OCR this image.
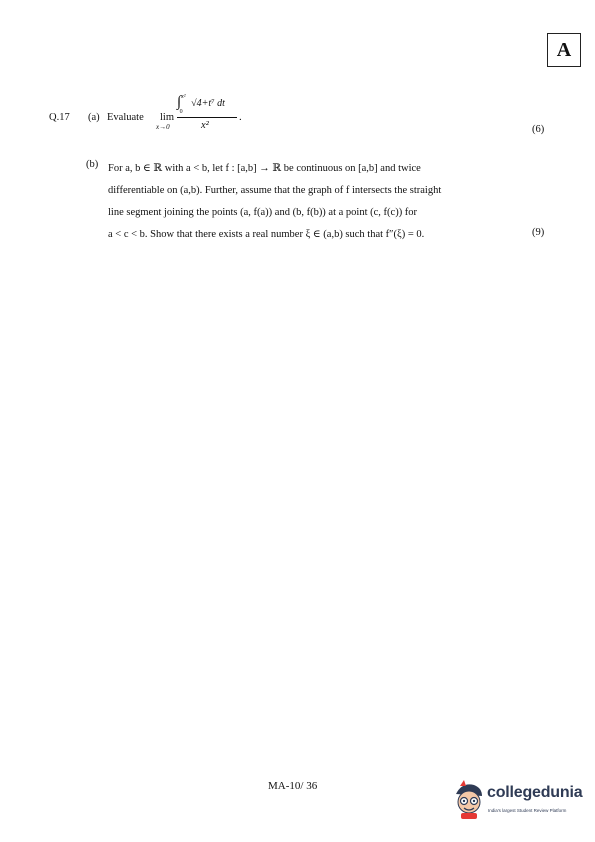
A
Q.17 (a) Evaluate lim
x→0
∫$^{x^2}_0$ √4+t⁷ dt
x²
.
(6)
(b) For a, b ∈ ℝ with a < b, let f : [a,b] → ℝ be continuous on [a,b] and twice
differentiable on (a,b). Further, assume that the graph of f intersects the straight
line segment joining the points (a, f(a)) and (b, f(b)) at a point (c, f(c)) for
a < c < b. Show that there exists a real number ξ ∈ (a,b) such that f″(ξ) = 0.	(9)
MA-10/ 36	collegedunia
India's largest Student Review Platform
